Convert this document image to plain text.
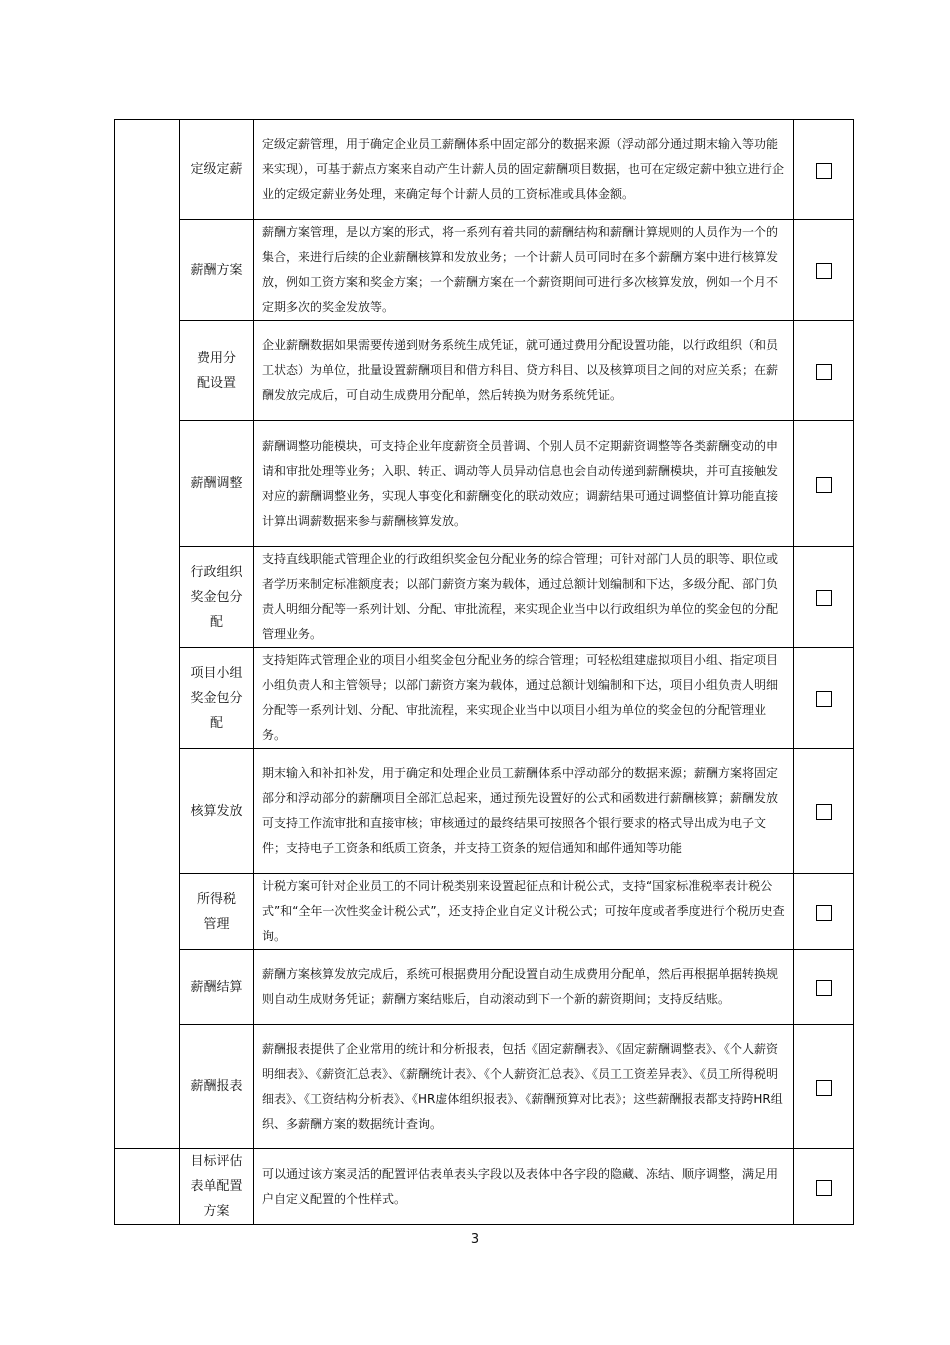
	定级定薪	定级定薪管理，用于确定企业员工薪酬体系中固定部分的数据来源（浮动部分通过期末输入等功能来实现），可基于薪点方案来自动产生计薪人员的固定薪酬项目数据，也可在定级定薪中独立进行企业的定级定薪业务处理，来确定每个计薪人员的工资标准或具体金额。	
	薪酬方案	薪酬方案管理，是以方案的形式，将一系列有着共同的薪酬结构和薪酬计算规则的人员作为一个的集合，来进行后续的企业薪酬核算和发放业务；一个计薪人员可同时在多个薪酬方案中进行核算发放，例如工资方案和奖金方案；一个薪酬方案在一个薪资期间可进行多次核算发放，例如一个月不定期多次的奖金发放等。	
	费用分配设置	企业薪酬数据如果需要传递到财务系统生成凭证，就可通过费用分配设置功能，以行政组织（和员工状态）为单位，批量设置薪酬项目和借方科目、贷方科目、以及核算项目之间的对应关系；在薪酬发放完成后，可自动生成费用分配单，然后转换为财务系统凭证。	
	薪酬调整	薪酬调整功能模块，可支持企业年度薪资全员普调、个别人员不定期薪资调整等各类薪酬变动的申请和审批处理等业务；入职、转正、调动等人员异动信息也会自动传递到薪酬模块，并可直接触发对应的薪酬调整业务，实现人事变化和薪酬变化的联动效应；调薪结果可通过调整值计算功能直接计算出调薪数据来参与薪酬核算发放。	
	行政组织奖金包分配	支持直线职能式管理企业的行政组织奖金包分配业务的综合管理；可针对部门人员的职等、职位或者学历来制定标准额度表；以部门薪资方案为载体，通过总额计划编制和下达，多级分配、部门负责人明细分配等一系列计划、分配、审批流程，来实现企业当中以行政组织为单位的奖金包的分配管理业务。	
	项目小组奖金包分配	支持矩阵式管理企业的项目小组奖金包分配业务的综合管理；可轻松组建虚拟项目小组、指定项目小组负责人和主管领导；以部门薪资方案为载体，通过总额计划编制和下达，项目小组负责人明细分配等一系列计划、分配、审批流程，来实现企业当中以项目小组为单位的奖金包的分配管理业务。	
	核算发放	期末输入和补扣补发，用于确定和处理企业员工薪酬体系中浮动部分的数据来源；薪酬方案将固定部分和浮动部分的薪酬项目全部汇总起来，通过预先设置好的公式和函数进行薪酬核算；薪酬发放可支持工作流审批和直接审核；审核通过的最终结果可按照各个银行要求的格式导出成为电子文件；支持电子工资条和纸质工资条，并支持工资条的短信通知和邮件通知等功能	
	所得税管理	计税方案可针对企业员工的不同计税类别来设置起征点和计税公式，支持“国家标准税率表计税公式”和“全年一次性奖金计税公式”，还支持企业自定义计税公式；可按年度或者季度进行个税历史查询。	
	薪酬结算	薪酬方案核算发放完成后，系统可根据费用分配设置自动生成费用分配单，然后再根据单据转换规则自动生成财务凭证；薪酬方案结账后，自动滚动到下一个新的薪资期间；支持反结账。	
	薪酬报表	薪酬报表提供了企业常用的统计和分析报表，包括《固定薪酬表》、《固定薪酬调整表》、《个人薪资明细表》、《薪资汇总表》、《薪酬统计表》、《个人薪资汇总表》、《员工工资差异表》、《员工所得税明细表》、《工资结构分析表》、《HR虚体组织报表》、《薪酬预算对比表》；这些薪酬报表都支持跨HR组织、多薪酬方案的数据统计查询。	
	目标评估表单配置方案	可以通过该方案灵活的配置评估表单表头字段以及表体中各字段的隐藏、冻结、顺序调整，满足用户自定义配置的个性样式。	
3
